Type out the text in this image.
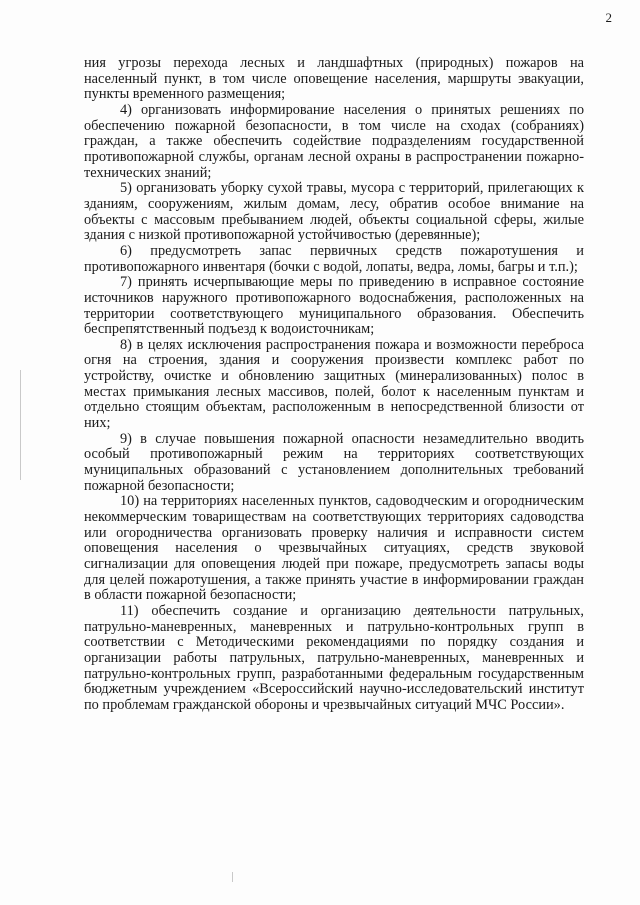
2

ния угрозы перехода лесных и ландшафтных (природных) пожаров на населенный пункт, в том числе оповещение населения, маршруты эвакуации, пункты временного размещения;

4) организовать информирование населения о принятых решениях по обеспечению пожарной безопасности, в том числе на сходах (собраниях) граждан, а также обеспечить содействие подразделениям государственной противопожарной службы, органам лесной охраны в распространении пожарно-технических знаний;

5) организовать уборку сухой травы, мусора с территорий, прилегающих к зданиям, сооружениям, жилым домам, лесу, обратив особое внимание на объекты с массовым пребыванием людей, объекты социальной сферы, жилые здания с низкой противопожарной устойчивостью (деревянные);

6) предусмотреть запас первичных средств пожаротушения и противопожарного инвентаря (бочки с водой, лопаты, ведра, ломы, багры и т.п.);

7) принять исчерпывающие меры по приведению в исправное состояние источников наружного противопожарного водоснабжения, расположенных на территории соответствующего муниципального образования. Обеспечить беспрепятственный подъезд к водоисточникам;

8) в целях исключения распространения пожара и возможности переброса огня на строения, здания и сооружения произвести комплекс работ по устройству, очистке и обновлению защитных (минерализованных) полос в местах примыкания лесных массивов, полей, болот к населенным пунктам и отдельно стоящим объектам, расположенным в непосредственной близости от них;

9) в случае повышения пожарной опасности незамедлительно вводить особый противопожарный режим на территориях соответствующих муниципальных образований с установлением дополнительных требований пожарной безопасности;

10) на территориях населенных пунктов, садоводческим и огородническим некоммерческим товариществам на соответствующих территориях садоводства или огородничества организовать проверку наличия и исправности систем оповещения населения о чрезвычайных ситуациях, средств звуковой сигнализации для оповещения людей при пожаре, предусмотреть запасы воды для целей пожаротушения, а также принять участие в информировании граждан в области пожарной безопасности;

11) обеспечить создание и организацию деятельности патрульных, патрульно-маневренных, маневренных и патрульно-контрольных групп в соответствии с Методическими рекомендациями по порядку создания и организации работы патрульных, патрульно-маневренных, маневренных и патрульно-контрольных групп, разработанными федеральным государственным бюджетным учреждением «Всероссийский научно-исследовательский институт по проблемам гражданской обороны и чрезвычайных ситуаций МЧС России».
